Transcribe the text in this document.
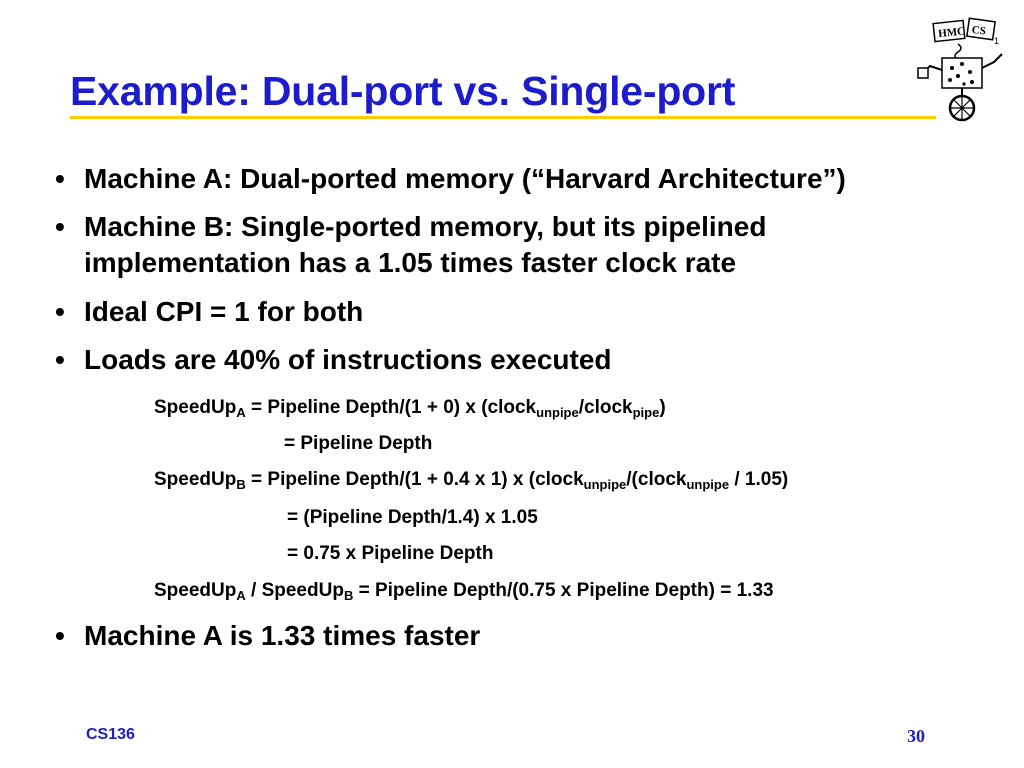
Example: Dual-port vs. Single-port
HMC CS
1
• Machine A: Dual-ported memory (“Harvard Architecture”)
• Machine B: Single-ported memory, but its pipelined
implementation has a 1.05 times faster clock rate
• Ideal CPI = 1 for both
• Loads are 40% of instructions executed
SpeedUp$_A$ = Pipeline Depth/(1 + 0) x (clock$_{unpipe}$/clock$_{pipe}$)
= Pipeline Depth
SpeedUp$_B$ = Pipeline Depth/(1 + 0.4 x 1) x (clock$_{unpipe}$/(clock$_{unpipe}$ / 1.05)
= (Pipeline Depth/1.4) x 1.05
= 0.75 x Pipeline Depth
SpeedUp$_A$ / SpeedUp$_B$ = Pipeline Depth/(0.75 x Pipeline Depth) = 1.33
• Machine A is 1.33 times faster
CS136	30
